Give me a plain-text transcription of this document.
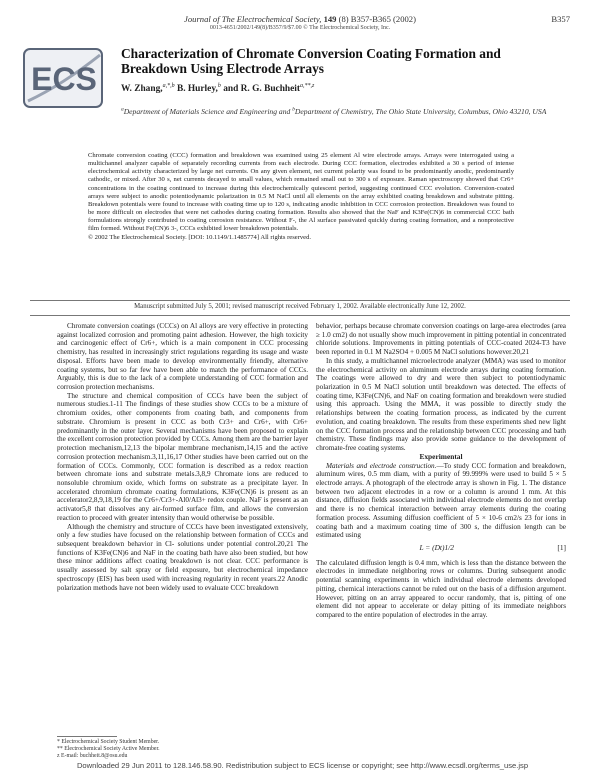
Journal of The Electrochemical Society, 149 (8) B357-B365 (2002)
0013-4651/2002/149(8)/B357/9/$7.00 © The Electrochemical Society, Inc.
B357
ECS
Characterization of Chromate Conversion Coating Formation and Breakdown Using Electrode Arrays
W. Zhang,$^{a,*,b}$ B. Hurley,$^b$ and R. G. Buchheit$^{a,**,z}$
$^a$Department of Materials Science and Engineering and $^b$Department of Chemistry, The Ohio State University, Columbus, Ohio 43210, USA

Chromate conversion coating (CCC) formation and breakdown was examined using 25 element Al wire electrode arrays. Arrays were interrogated using a multichannel analyzer capable of separately recording currents from each electrode. During CCC formation, electrodes exhibited a 30 s period of intense electrochemical activity characterized by large net currents. On any given element, net current polarity was found to be predominantly anodic, predominantly cathodic, or mixed. After 30 s, net currents decayed to small values, which remained small out to 300 s of exposure. Raman spectroscopy showed that Cr6+ concentrations in the coating continued to increase during this electrochemically quiescent period, suggesting continued CCC evolution. Conversion-coated arrays were subject to anodic potentiodynamic polarization in 0.5 M NaCl until all elements on the array exhibited coating breakdown and substrate pitting. Breakdown potentials were found to increase with coating time up to 120 s, indicating anodic inhibition in CCC corrosion protection. Breakdown was found to be more difficult on electrodes that were net cathodes during coating formation. Results also showed that the NaF and K3Fe(CN)6 in commercial CCC bath formulations strongly contributed to coating corrosion resistance. Without F-, the Al surface passivated quickly during coating formation, and a nonprotective film formed. Without Fe(CN)6 3-, CCCs exhibited lower breakdown potentials.

© 2002 The Electrochemical Society. [DOI: 10.1149/1.1485774] All rights reserved.

Manuscript submitted July 5, 2001; revised manuscript received February 1, 2002. Available electronically June 12, 2002.

Chromate conversion coatings (CCCs) on Al alloys are very effective in protecting against localized corrosion and promoting paint adhesion. However, the high toxicity and carcinogenic effect of Cr6+, which is a main component in CCC processing chemistry, has resulted in increasingly strict regulations regarding its usage and waste disposal. Efforts have been made to develop environmentally friendly, alternative coating systems, but so far few have been able to match the performance of CCCs. Arguably, this is due to the lack of a complete understanding of CCC formation and corrosion protection mechanisms.

The structure and chemical composition of CCCs have been the subject of numerous studies.1-11 The findings of these studies show CCCs to be a mixture of chromium oxides, other components from coating bath, and components from substrate. Chromium is present in CCC as both Cr3+ and Cr6+, with Cr6+ predominantly in the outer layer. Several mechanisms have been proposed to explain the excellent corrosion protection provided by CCCs. Among them are the barrier layer protection mechanism,12,13 the bipolar membrane mechanism,14,15 and the active corrosion protection mechanism.3,11,16,17 Other studies have been carried out on the formation of CCCs. Commonly, CCC formation is described as a redox reaction between chromate ions and substrate metals.3,8,9 Chromate ions are reduced to nonsoluble chromium oxide, which forms on substrate as a precipitate layer. In accelerated chromium chromate coating formulations, K3Fe(CN)6 is present as an accelerator2,8,9,18,19 for the Cr6+/Cr3+-Al0/Al3+ redox couple. NaF is present as an activator5,8 that dissolves any air-formed surface film, and allows the conversion reaction to proceed with greater intensity than would otherwise be possible.

Although the chemistry and structure of CCCs have been investigated extensively, only a few studies have focused on the relationship between formation of CCCs and subsequent breakdown behavior in Cl- solutions under potential control.20,21 The functions of K3Fe(CN)6 and NaF in the coating bath have also been studied, but how these minor additions affect coating breakdown is not clear. CCC performance is usually assessed by salt spray or field exposure, but electrochemical impedance spectroscopy (EIS) has been used with increasing regularity in recent years.22 Anodic polarization methods have not been widely used to evaluate CCC breakdown

behavior, perhaps because chromate conversion coatings on large-area electrodes (area ≥ 1.0 cm2) do not usually show much improvement in pitting potential in concentrated chloride solutions. Improvements in pitting potentials of CCC-coated 2024-T3 have been reported in 0.1 M Na2SO4 + 0.005 M NaCl solutions however.20,21

In this study, a multichannel microelectrode analyzer (MMA) was used to monitor the electrochemical activity on aluminum electrode arrays during coating formation. The coatings were allowed to dry and were then subject to potentiodynamic polarization in 0.5 M NaCl solution until breakdown was detected. The effects of coating time, K3Fe(CN)6, and NaF on coating formation and breakdown were studied using this approach. Using the MMA, it was possible to directly study the relationships between the coating formation process, as indicated by the current evolution, and coating breakdown. The results from these experiments shed new light on the CCC formation process and the relationship between CCC processing and bath chemistry. These findings may also provide some guidance to the development of chromate-free coating systems.

Experimental

Materials and electrode construction.—To study CCC formation and breakdown, aluminum wires, 0.5 mm diam, with a purity of 99.999% were used to build 5 × 5 electrode arrays. A photograph of the electrode array is shown in Fig. 1. The distance between two adjacent electrodes in a row or a column is around 1 mm. At this distance, diffusion fields associated with individual electrode elements do not overlap and there is no chemical interaction between array elements during the coating formation process. Assuming diffusion coefficient of 5 × 10-6 cm2/s 23 for ions in coating bath and a maximum coating time of 300 s, the diffusion length can be estimated using

L = (Dt)1/2	[1]

The calculated diffusion length is 0.4 mm, which is less than the distance between the electrodes in immediate neighboring rows or columns. During subsequent anodic potential scanning experiments in which individual electrode elements developed pitting, chemical interactions cannot be ruled out on the basis of a diffusion argument. However, pitting on an array appeared to occur randomly, that is, pitting of one element did not appear to accelerate or delay pitting of its immediate neighbors compared to the entire population of electrodes in the array.

* Electrochemical Society Student Member.
** Electrochemical Society Active Member.
z E-mail: buchheit.8@osu.edu
Downloaded 29 Jun 2011 to 128.146.58.90. Redistribution subject to ECS license or copyright; see http://www.ecsdl.org/terms_use.jsp
